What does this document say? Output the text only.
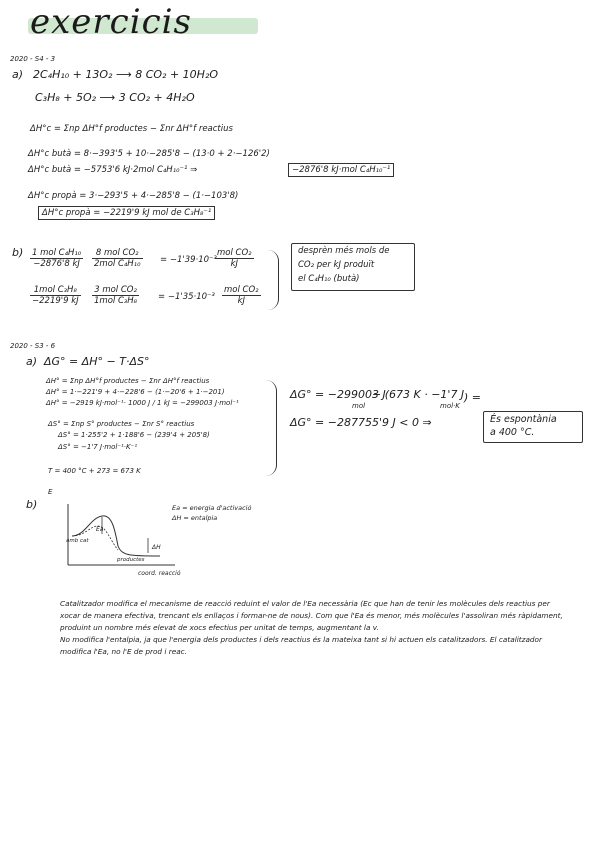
exercicis
2020 - S4 - 3
a) 2C₄H₁₀ + 13O₂ ⟶ 8 CO₂ + 10H₂O
C₃H₈ + 5O₂ ⟶ 3 CO₂ + 4H₂O
ΔH°c = Σnp ΔH°f productes − Σnr ΔH°f reactius
ΔH°c butà = 8·−393'5 + 10·−285'8 − (13·0 + 2·−126'2)
ΔH°c butà = −5753'6 kJ·2mol C₄H₁₀⁻¹ ⇒	−2876'8 kJ·mol C₄H₁₀⁻¹
ΔH°c propà = 3·−293'5 + 4·−285'8 − (1·−103'8)
ΔH°c propà = −2219'9 kJ mol de C₃H₈⁻¹
b) 1 mol C₄H₁₀
−2876'8 kJ
8 mol CO₂
2mol C₄H₁₀ = −1'39·10⁻³
mol CO₂
kJ
1mol C₃H₈
−2219'9 kJ
3 mol CO₂
1mol C₃H₈ = −1'35·10⁻³
mol CO₂
kJ
desprèn més mols de
CO₂ per kJ produït
el C₄H₁₀ (butà)
2020 - S3 - 6
a) ΔG° = ΔH° − T·ΔS°
ΔH° = Σnp ΔH°f productes − Σnr ΔH°f reactius
ΔH° = 1·−221'9 + 4·−228'6 − (1·−20'6 + 1·−201)
ΔH° = −2919 kJ·mol⁻¹· 1000 J / 1 kJ = −299003 J·mol⁻¹
ΔS° = Σnp S° productes − Σnr S° reactius
ΔS° = 1·255'2 + 1·188'6 − (239'4 + 205'8)
ΔS° = −1'7 J·mol⁻¹·K⁻¹
T = 400 °C + 273 = 673 K
ΔG° = −299003 J
mol
− (673 K · −1'7 J
mol·K
) =
ΔG° = −287755'9 J < 0 ⇒	És espontània
a 400 °C.
b)
E
Ea
amb cat
productes
ΔH
coord. reacció
Ea = energia d'activació
ΔH = entalpia
Catalitzador modifica el mecanisme de reacció reduint el valor de l'Ea necessària (Ec que han de tenir les molècules dels reactius per xocar de manera efectiva, trencant els enllaços i formar-ne de nous). Com que l'Ea és menor, més molècules l'assoliran més ràpidament, produint un nombre més elevat de xocs efectius per unitat de temps, augmentant la v.
No modifica l'entalpia, ja que l'energia dels productes i dels reactius és la mateixa tant si hi actuen els catalitzadors. El catalitzador modifica l'Ea, no l'E de prod i reac.
